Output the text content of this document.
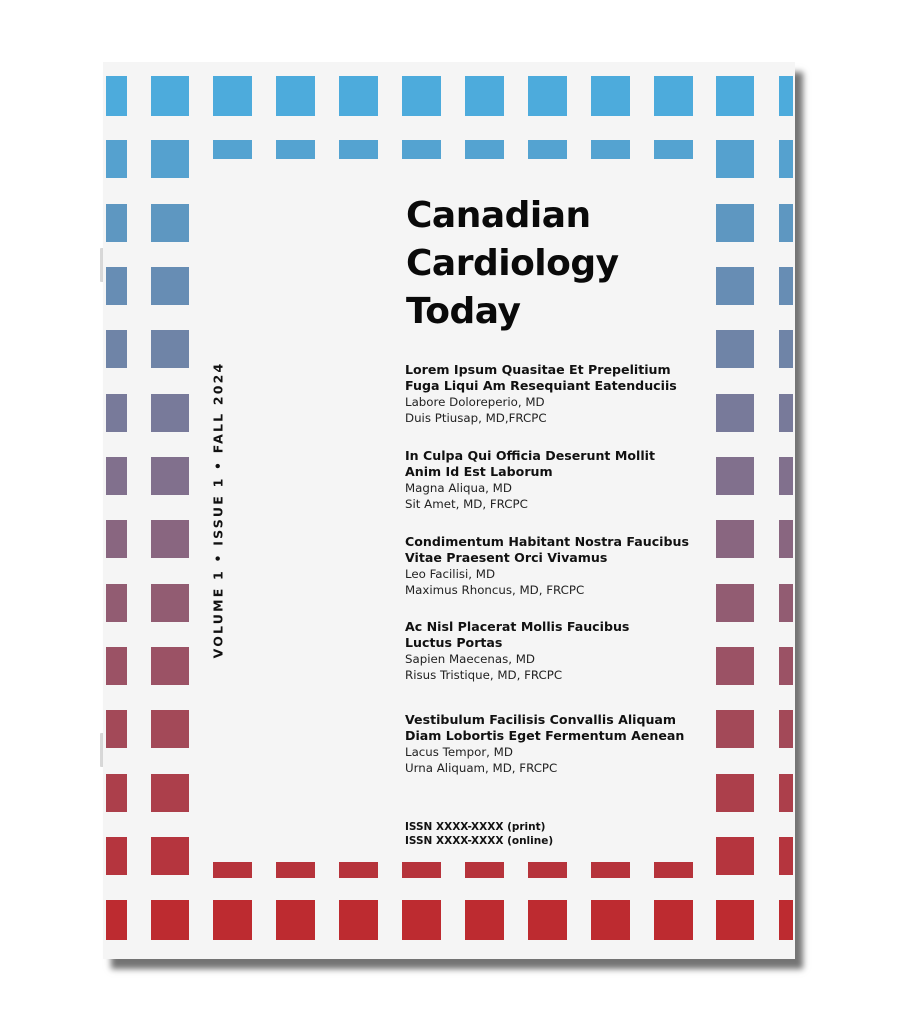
VOLUME 1 • ISSUE 1 • FALL 2024
Canadian
Cardiology
Today
Lorem Ipsum Quasitae Et Prepelitium
Fuga Liqui Am Resequiant Eatenduciis
Labore Doloreperio, MD
Duis Ptiusap, MD,FRCPC
In Culpa Qui Officia Deserunt Mollit
Anim Id Est Laborum
Magna Aliqua, MD
Sit Amet, MD, FRCPC
Condimentum Habitant Nostra Faucibus
Vitae Praesent Orci Vivamus
Leo Facilisi, MD
Maximus Rhoncus, MD, FRCPC
Ac Nisl Placerat Mollis Faucibus
Luctus Portas
Sapien Maecenas, MD
Risus Tristique, MD, FRCPC
Vestibulum Facilisis Convallis Aliquam
Diam Lobortis Eget Fermentum Aenean
Lacus Tempor, MD
Urna Aliquam, MD, FRCPC
ISSN XXXX-XXXX (print)
ISSN XXXX-XXXX (online)
